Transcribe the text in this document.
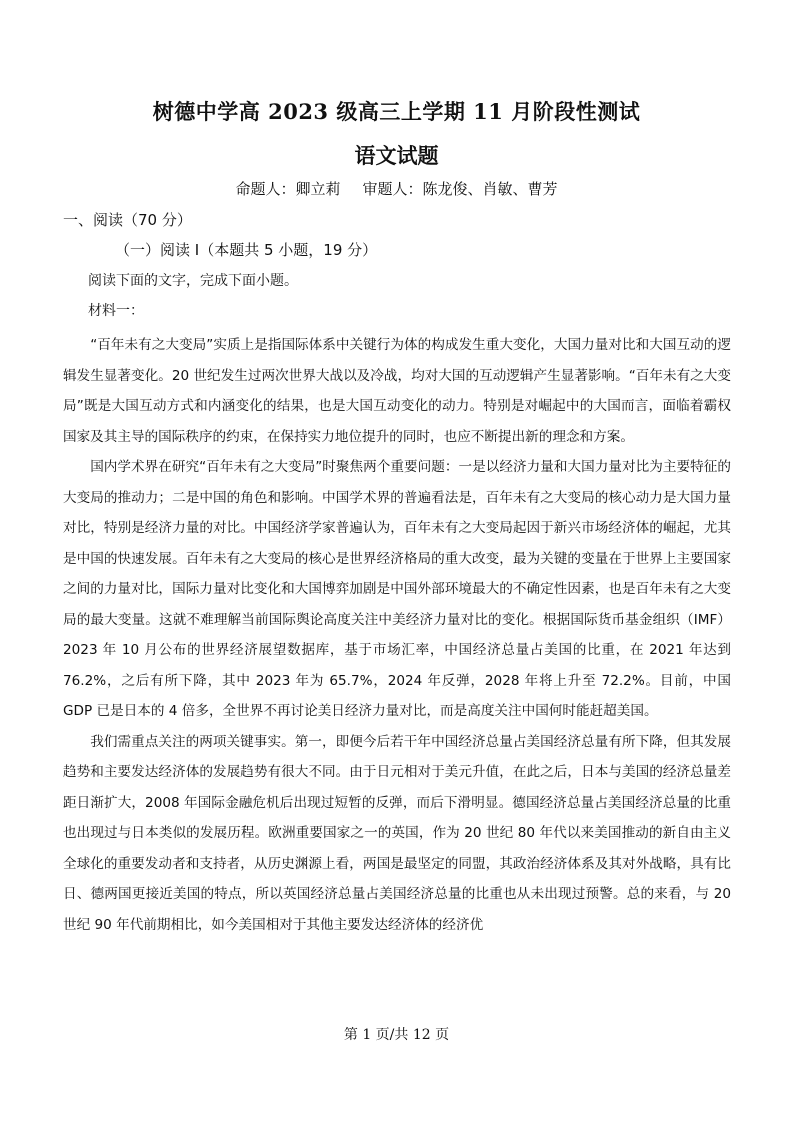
树德中学高 2023 级高三上学期 11 月阶段性测试
语文试题
命题人：卿立莉 审题人：陈龙俊、肖敏、曹芳
一、阅读（70 分）
（一）阅读 I（本题共 5 小题，19 分）
阅读下面的文字，完成下面小题。
材料一：

“百年未有之大变局”实质上是指国际体系中关键行为体的构成发生重大变化，大国力量对比和大国互动的逻辑发生显著变化。20 世纪发生过两次世界大战以及冷战，均对大国的互动逻辑产生显著影响。“百年未有之大变局”既是大国互动方式和内涵变化的结果，也是大国互动变化的动力。特别是对崛起中的大国而言，面临着霸权国家及其主导的国际秩序的约束，在保持实力地位提升的同时，也应不断提出新的理念和方案。

国内学术界在研究“百年未有之大变局”时聚焦两个重要问题：一是以经济力量和大国力量对比为主要特征的大变局的推动力；二是中国的角色和影响。中国学术界的普遍看法是，百年未有之大变局的核心动力是大国力量对比，特别是经济力量的对比。中国经济学家普遍认为，百年未有之大变局起因于新兴市场经济体的崛起，尤其是中国的快速发展。百年未有之大变局的核心是世界经济格局的重大改变，最为关键的变量在于世界上主要国家之间的力量对比，国际力量对比变化和大国博弈加剧是中国外部环境最大的不确定性因素，也是百年未有之大变局的最大变量。这就不难理解当前国际舆论高度关注中美经济力量对比的变化。根据国际货币基金组织（IMF）2023 年 10 月公布的世界经济展望数据库，基于市场汇率，中国经济总量占美国的比重，在 2021 年达到 76.2%，之后有所下降，其中 2023 年为 65.7%，2024 年反弹，2028 年将上升至 72.2%。目前，中国 GDP 已是日本的 4 倍多，全世界不再讨论美日经济力量对比，而是高度关注中国何时能赶超美国。

我们需重点关注的两项关键事实。第一，即便今后若干年中国经济总量占美国经济总量有所下降，但其发展趋势和主要发达经济体的发展趋势有很大不同。由于日元相对于美元升值，在此之后，日本与美国的经济总量差距日渐扩大，2008 年国际金融危机后出现过短暂的反弹，而后下滑明显。德国经济总量占美国经济总量的比重也出现过与日本类似的发展历程。欧洲重要国家之一的英国，作为 20 世纪 80 年代以来美国推动的新自由主义全球化的重要发动者和支持者，从历史渊源上看，两国是最坚定的同盟，其政治经济体系及其对外战略，具有比日、德两国更接近美国的特点，所以英国经济总量占美国经济总量的比重也从未出现过预警。总的来看，与 20 世纪 90 年代前期相比，如今美国相对于其他主要发达经济体的经济优

第 1 页/共 12 页
